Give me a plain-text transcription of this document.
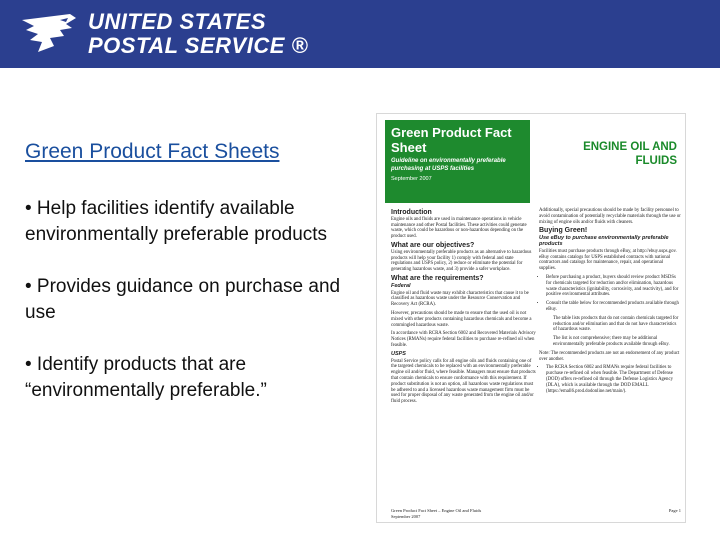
UNITED STATES
POSTAL SERVICE ®
Green Product Fact Sheets
• Help facilities identify available environmentally preferable products
• Provides guidance on purchase and use
• Identify products that are “environmentally preferable.”
Green Product Fact Sheet
Guideline on environmentally preferable purchasing at USPS facilities
September 2007
ENGINE OIL AND FLUIDS
Introduction

Engine oils and fluids are used in maintenance operations in vehicle maintenance and other Postal facilities. These activities could generate waste, which could be hazardous or non-hazardous depending on the product used.

What are our objectives?

Using environmentally preferable products as an alternative to hazardous products will help your facility 1) comply with federal and state regulations and USPS policy, 2) reduce or eliminate the potential for generating hazardous waste, and 3) provide a safer workplace.

What are the requirements?
Federal

Engine oil and fluid waste may exhibit characteristics that cause it to be classified as hazardous waste under the Resource Conservation and Recovery Act (RCRA).

However, precautions should be made to ensure that the used oil is not mixed with other products containing hazardous chemicals and become a commingled hazardous waste.

In accordance with RCRA Section 6002 and Recovered Materials Advisory Notices (RMANs) require federal facilities to purchase re-refined oil when feasible.

USPS

Postal Service policy calls for all engine oils and fluids containing one of the targeted chemicals to be replaced with an environmentally preferable engine oil and/or fluid, where feasible. Managers must ensure that products that contain chemicals to ensure conformance with this requirement. If product substitution is not an option, all hazardous waste regulations must be adhered to and a licensed hazardous waste management firm must be used for proper disposal of any waste generated from the engine oil and/or fluid process.

Additionally, special precautions should be made by facility personnel to avoid contamination of potentially recyclable materials through the use or mixing of engine oils and/or fluids with cleaners.

Buying Green!
Use eBuy to purchase environmentally preferable products

Facilities must purchase products through eBuy, at http://ebuy.usps.gov. eBuy contains catalogs for USPS established contracts with national contractors and catalogs for maintenance, repair, and operational supplies.

• Before purchasing a product, buyers should review product MSDSs for chemicals targeted for reduction and/or elimination, hazardous waste characteristics (ignitability, corrosivity, and reactivity), and for positive environmental attributes.
• Consult the table below for recommended products available through eBuy.

The table lists products that do not contain chemicals targeted for reduction and/or elimination and that do not have characteristics of hazardous waste.

The list is not comprehensive; there may be additional environmentally preferable products available through eBuy.

Note: The recommended products are not an endorsement of any product over another.

• The RCRA Section 6002 and RMANs require federal facilities to purchase re-refined oil when feasible. The Department of Defense (DOD) offers re-refined oil through the Defense Logistics Agency (DLA), which is available through the DOD EMALL (https://emall6.prod.dodonline.net/main/).
Green Product Fact Sheet – Engine Oil and Fluids
September 2007
Page 1
